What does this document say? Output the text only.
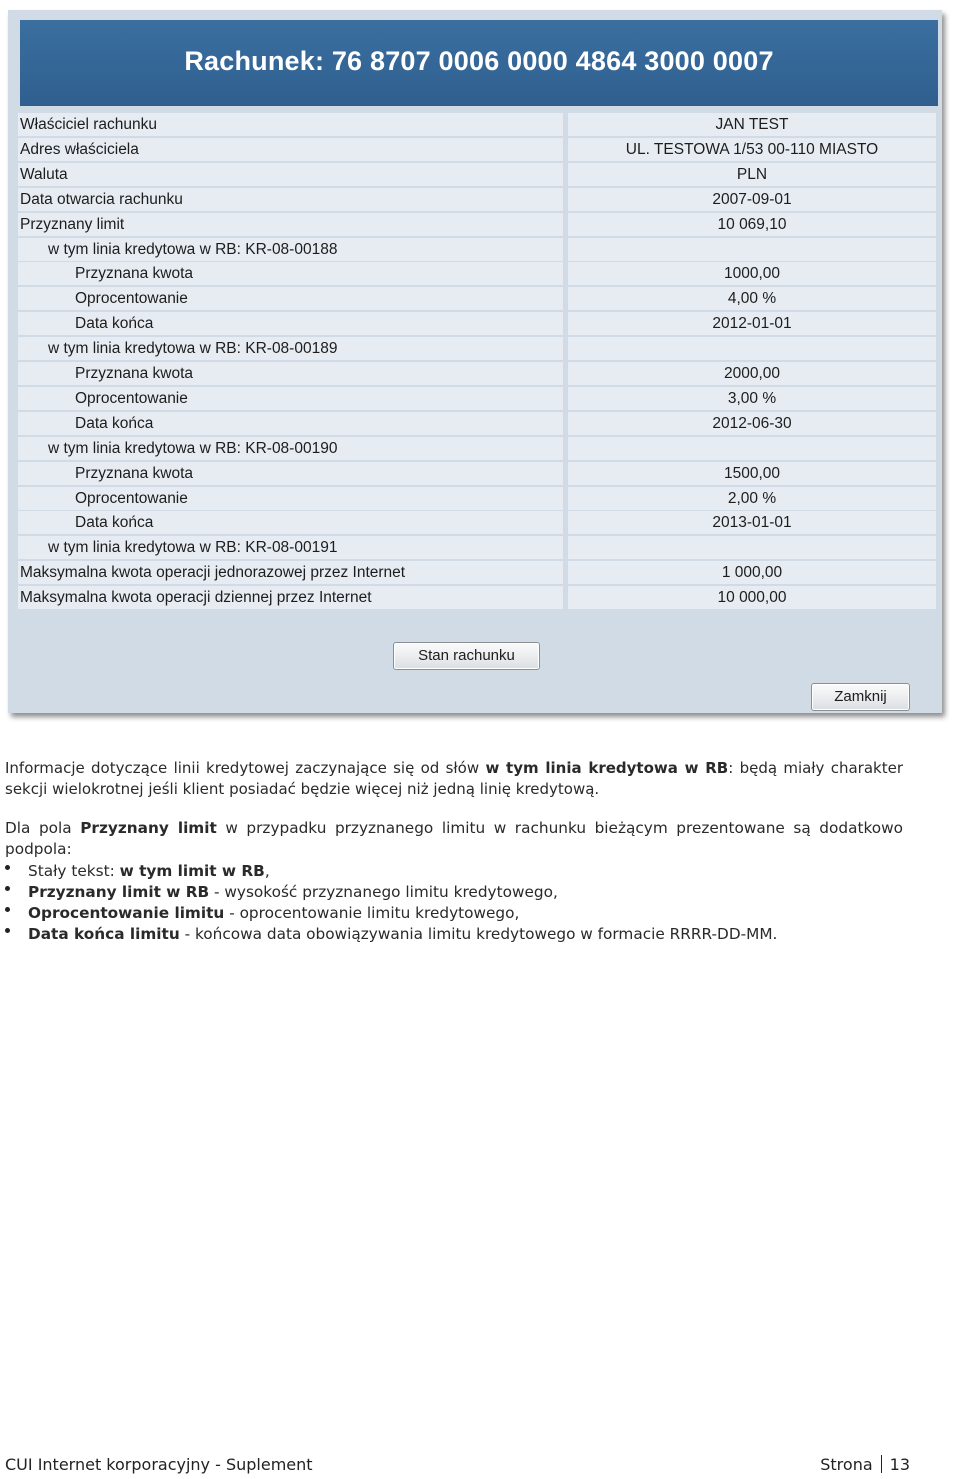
Rachunek: 76 8707 0006 0000 4864 3000 0007
Właściciel rachunku	JAN TEST
Adres właściciela	UL. TESTOWA 1/53 00-110 MIASTO
Waluta	PLN
Data otwarcia rachunku	2007-09-01
Przyznany limit	10 069,10
w tym linia kredytowa w RB: KR-08-00188
Przyznana kwota	1000,00
Oprocentowanie	4,00 %
Data końca	2012-01-01
w tym linia kredytowa w RB: KR-08-00189
Przyznana kwota	2000,00
Oprocentowanie	3,00 %
Data końca	2012-06-30
w tym linia kredytowa w RB: KR-08-00190
Przyznana kwota	1500,00
Oprocentowanie	2,00 %
Data końca	2013-01-01
w tym linia kredytowa w RB: KR-08-00191
Maksymalna kwota operacji jednorazowej przez Internet	1 000,00
Maksymalna kwota operacji dziennej przez Internet	10 000,00
Stan rachunku
Zamknij
Informacje dotyczące linii kredytowej zaczynające się od słów w tym linia kredytowa w RB: będą miały charakter sekcji wielokrotnej jeśli klient posiadać będzie więcej niż jedną linię kredytową.
Dla pola Przyznany limit w przypadku przyznanego limitu w rachunku bieżącym prezentowane są dodatkowo podpola:
Stały tekst: w tym limit w RB,
Przyznany limit w RB - wysokość przyznanego limitu kredytowego,
Oprocentowanie limitu - oprocentowanie limitu kredytowego,
Data końca limitu - końcowa data obowiązywania limitu kredytowego w formacie RRRR-DD-MM.
CUI Internet korporacyjny - Suplement	Strona 13
